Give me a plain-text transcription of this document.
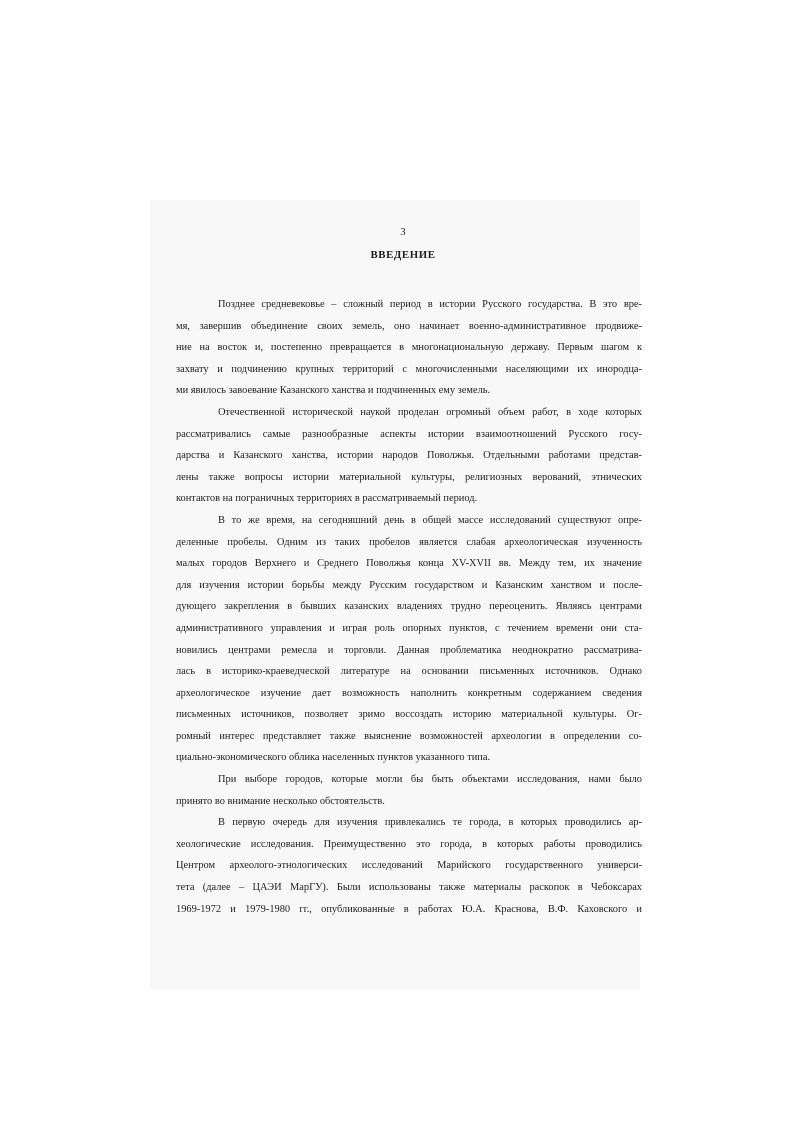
3
ВВЕДЕНИЕ
Позднее средневековье – сложный период в истории Русского государства. В это вре-
мя, завершив объединение своих земель, оно начинает военно-административное продвиже-
ние на восток и, постепенно превращается в многонациональную державу. Первым шагом к
захвату и подчинению крупных территорий с многочисленными населяющими их инородца-
ми явилось завоевание Казанского ханства и подчиненных ему земель.
Отечественной исторической наукой проделан огромный объем работ, в ходе которых
рассматривались самые разнообразные аспекты истории взаимоотношений Русского госу-
дарства и Казанского ханства, истории народов Поволжья. Отдельными работами представ-
лены также вопросы истории материальной культуры, религиозных верований, этнических
контактов на пограничных территориях в рассматриваемый период.
В то же время, на сегодняшний день в общей массе исследований существуют опре-
деленные пробелы. Одним из таких пробелов является слабая археологическая изученность
малых городов Верхнего и Среднего Поволжья конца XV-XVII вв. Между тем, их значение
для изучения истории борьбы между Русским государством и Казанским ханством и после-
дующего закрепления в бывших казанских владениях трудно переоценить. Являясь центрами
административного управления и играя роль опорных пунктов, с течением времени они ста-
новились центрами ремесла и торговли. Данная проблематика неоднократно рассматрива-
лась в историко-краеведческой литературе на основании письменных источников. Однако
археологическое изучение дает возможность наполнить конкретным содержанием сведения
письменных источников, позволяет зримо воссоздать историю материальной культуры. Ог-
ромный интерес представляет также выяснение возможностей археологии в определении со-
циально-экономического облика населенных пунктов указанного типа.
При выборе городов, которые могли бы быть объектами исследования, нами было
принято во внимание несколько обстоятельств.
В первую очередь для изучения привлекались те города, в которых проводились ар-
хеологические исследования. Преимущественно это города, в которых работы проводились
Центром археолого-этнологических исследований Марийского государственного универси-
тета (далее – ЦАЭИ МарГУ). Были использованы также материалы раскопок в Чебоксарах
1969-1972 и 1979-1980 гг., опубликованные в работах Ю.А. Краснова, В.Ф. Каховского и
